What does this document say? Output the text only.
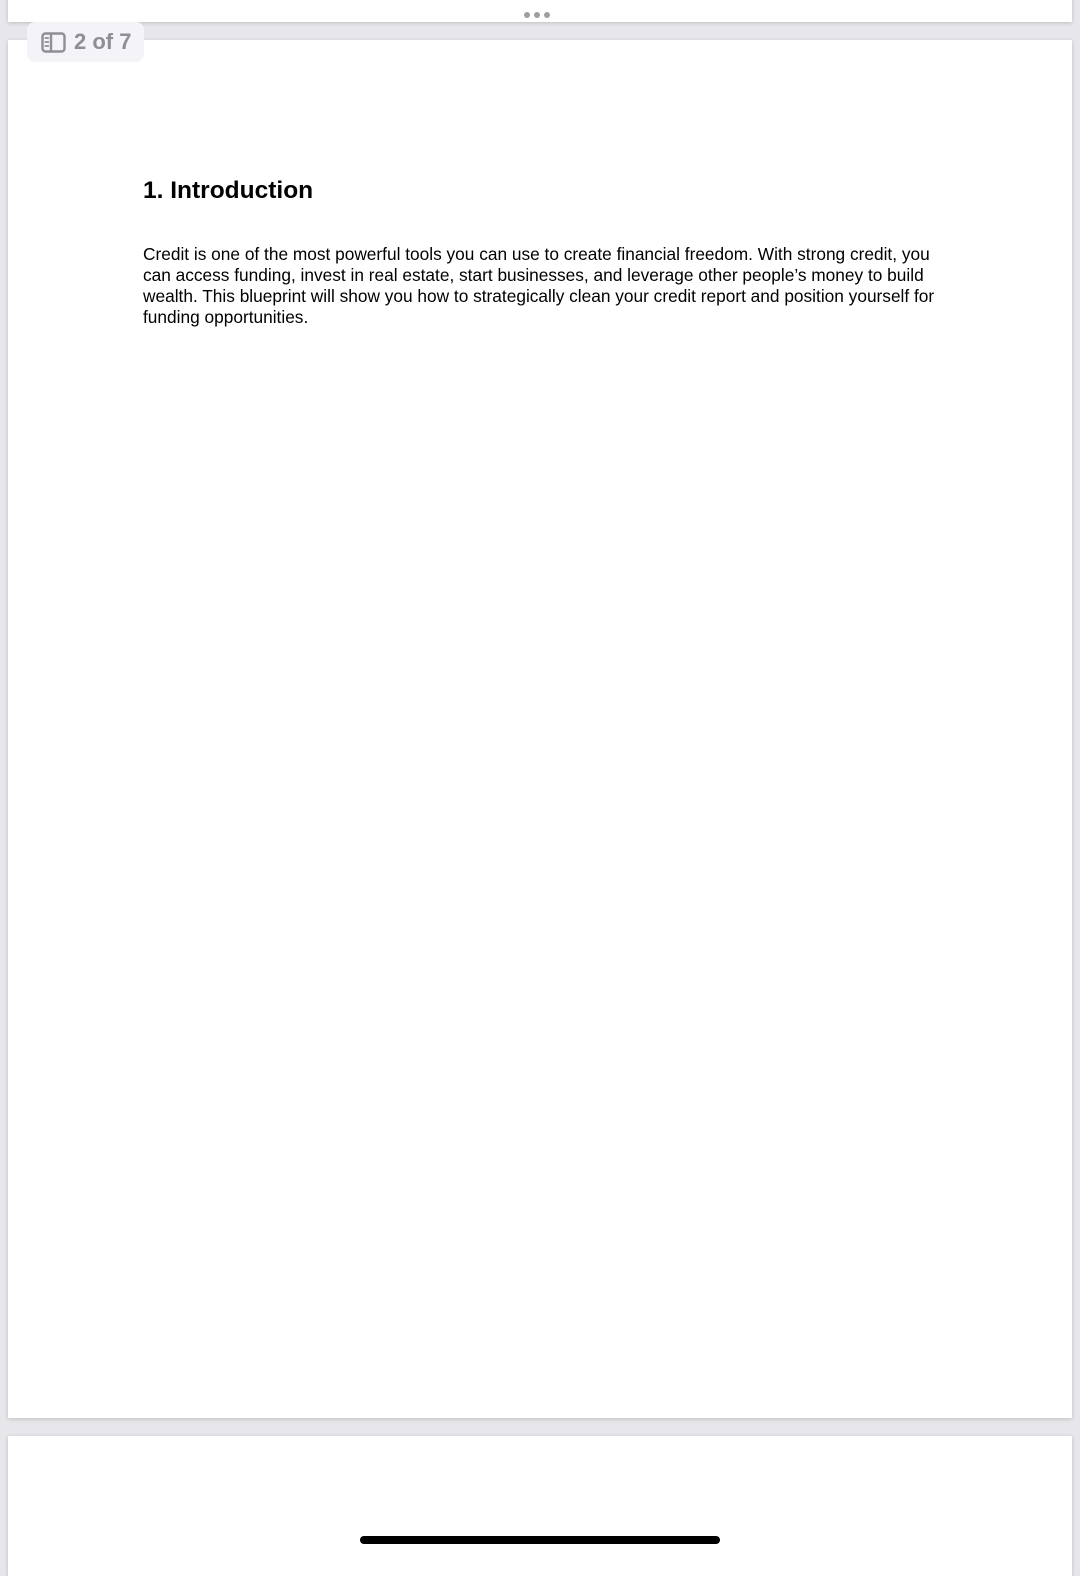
2 of 7
1. Introduction

Credit is one of the most powerful tools you can use to create financial freedom. With strong credit, you can access funding, invest in real estate, start businesses, and leverage other people’s money to build wealth. This blueprint will show you how to strategically clean your credit report and position yourself for funding opportunities.
